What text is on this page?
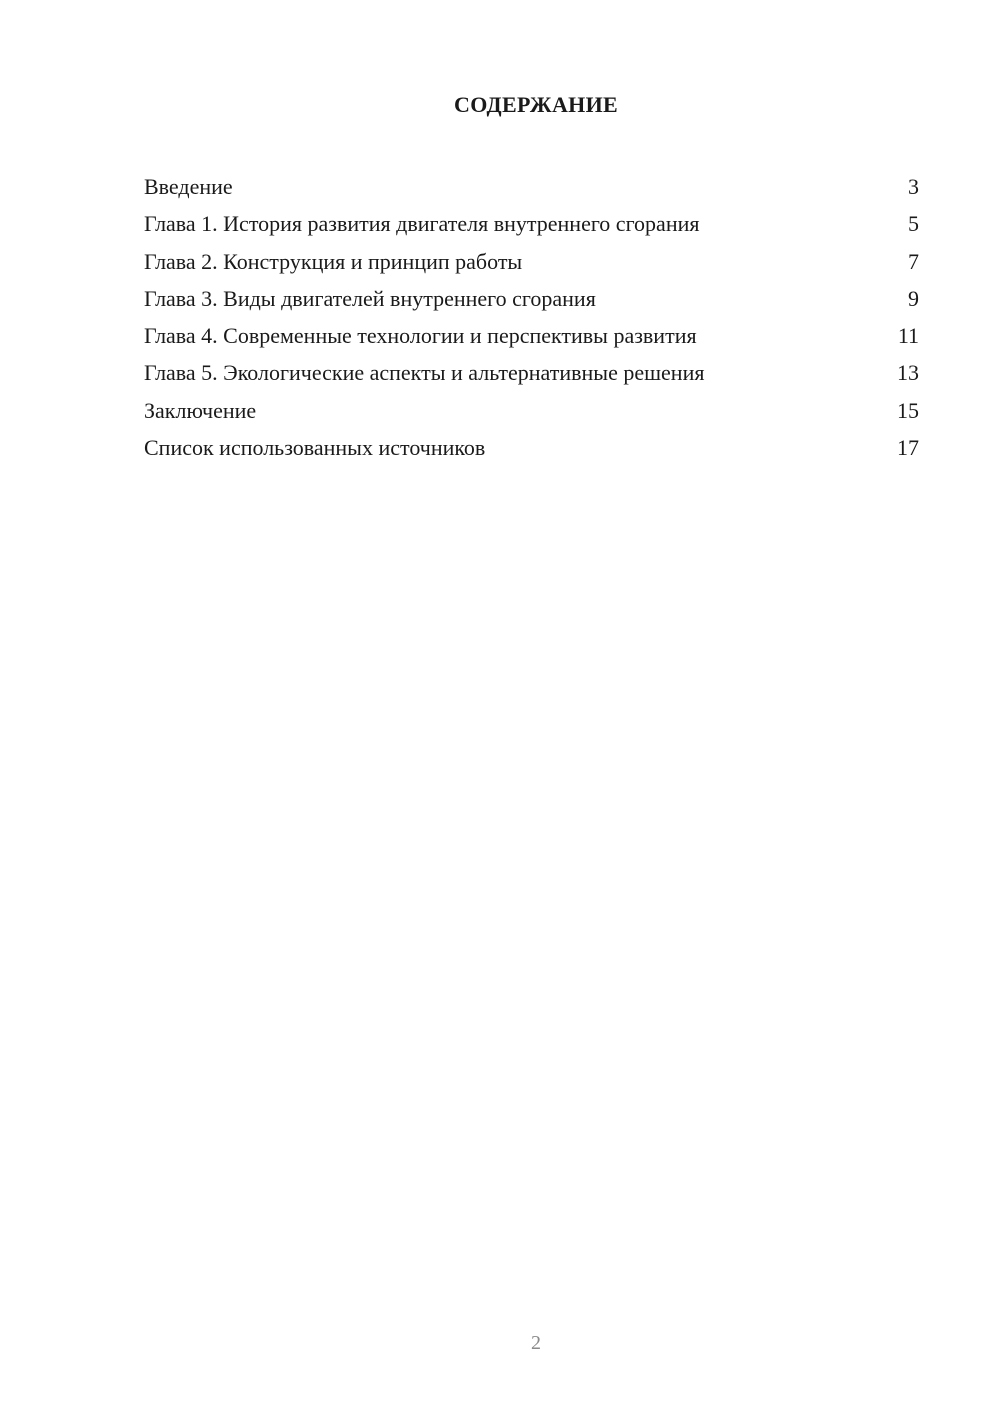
СОДЕРЖАНИЕ
Введение	3
Глава 1. История развития двигателя внутреннего сгорания	5
Глава 2. Конструкция и принцип работы	7
Глава 3. Виды двигателей внутреннего сгорания	9
Глава 4. Современные технологии и перспективы развития	11
Глава 5. Экологические аспекты и альтернативные решения	13
Заключение	15
Список использованных источников	17
2
